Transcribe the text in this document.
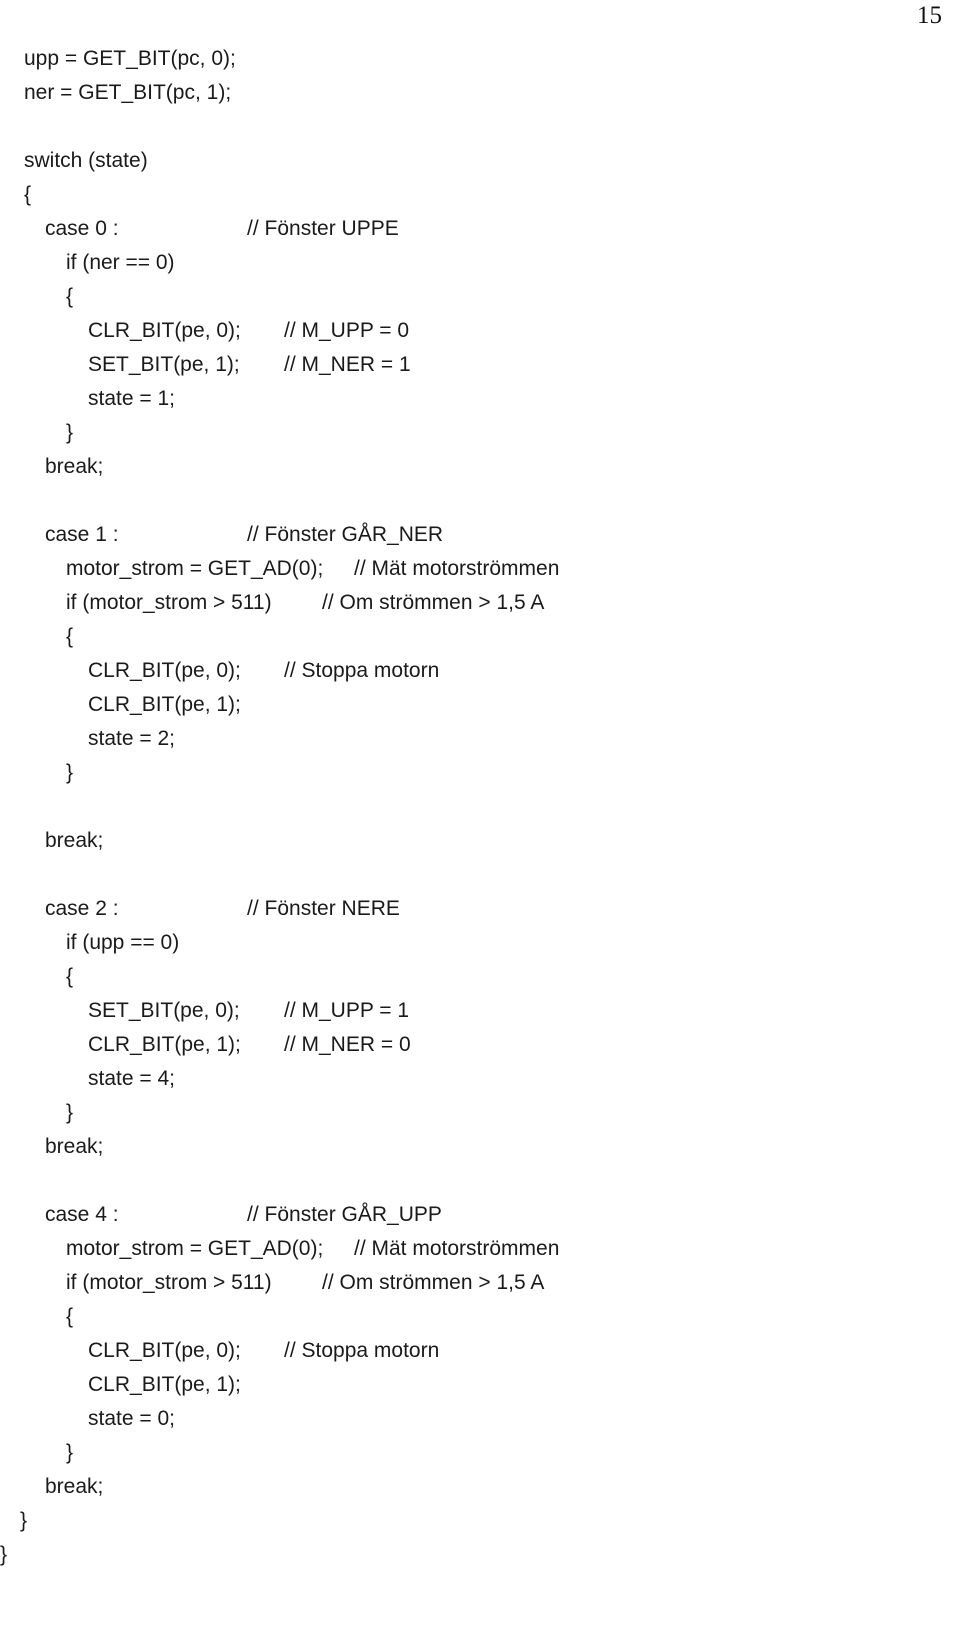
15
upp = GET_BIT(pc, 0);
ner = GET_BIT(pc, 1);
switch (state)
{
case 0 :	// Fönster UPPE
if (ner == 0)
{
CLR_BIT(pe, 0); // M_UPP = 0
SET_BIT(pe, 1); // M_NER = 1
state = 1;
}
break;
case 1 :	// Fönster GÅR_NER
motor_strom = GET_AD(0); // Mät motorströmmen
if (motor_strom > 511) // Om strömmen > 1,5 A
{
CLR_BIT(pe, 0); // Stoppa motorn
CLR_BIT(pe, 1);
state = 2;
}
break;
case 2 :	// Fönster NERE
if (upp == 0)
{
SET_BIT(pe, 0); // M_UPP = 1
CLR_BIT(pe, 1); // M_NER = 0
state = 4;
}
break;
case 4 :	// Fönster GÅR_UPP
motor_strom = GET_AD(0); // Mät motorströmmen
if (motor_strom > 511) // Om strömmen > 1,5 A
{
CLR_BIT(pe, 0); // Stoppa motorn
CLR_BIT(pe, 1);
state = 0;
}
break;
}
}
